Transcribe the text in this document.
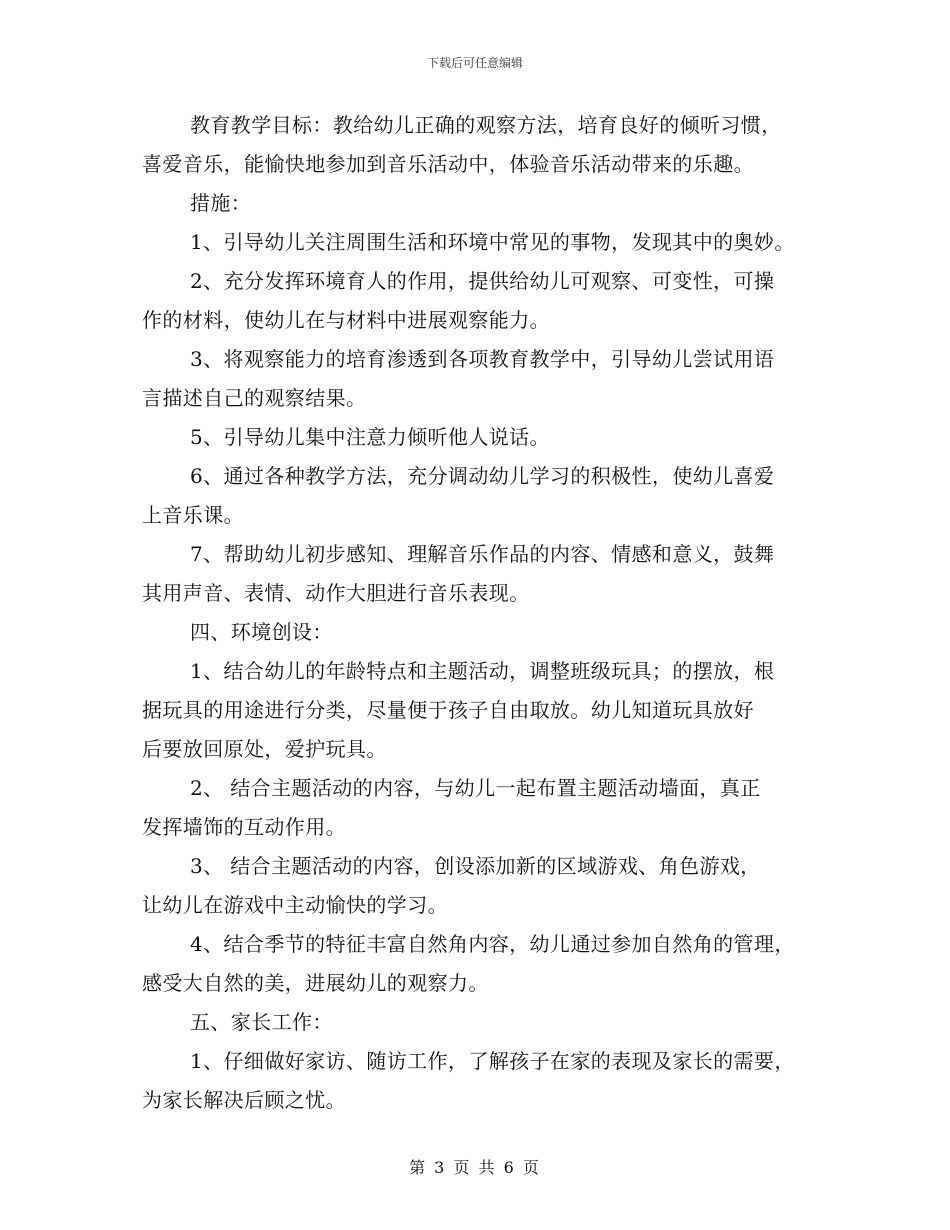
下载后可任意编辑

教育教学目标：教给幼儿正确的观察方法，培育良好的倾听习惯，
喜爱音乐，能愉快地参加到音乐活动中，体验音乐活动带来的乐趣。

措施：

1、引导幼儿关注周围生活和环境中常见的事物，发现其中的奥妙。

2、充分发挥环境育人的作用，提供给幼儿可观察、可变性，可操
作的材料，使幼儿在与材料中进展观察能力。

3、将观察能力的培育渗透到各项教育教学中，引导幼儿尝试用语
言描述自己的观察结果。

5、引导幼儿集中注意力倾听他人说话。

6、通过各种教学方法，充分调动幼儿学习的积极性，使幼儿喜爱
上音乐课。

7、帮助幼儿初步感知、理解音乐作品的内容、情感和意义，鼓舞
其用声音、表情、动作大胆进行音乐表现。

四、环境创设：

1、结合幼儿的年龄特点和主题活动，调整班级玩具；的摆放，根
据玩具的用途进行分类，尽量便于孩子自由取放。幼儿知道玩具放好
后要放回原处，爱护玩具。

2、 结合主题活动的内容，与幼儿一起布置主题活动墙面，真正
发挥墙饰的互动作用。

3、 结合主题活动的内容，创设添加新的区域游戏、角色游戏，
让幼儿在游戏中主动愉快的学习。

4、结合季节的特征丰富自然角内容，幼儿通过参加自然角的管理，
感受大自然的美，进展幼儿的观察力。

五、家长工作：

1、仔细做好家访、随访工作，了解孩子在家的表现及家长的需要，
为家长解决后顾之忧。

第 3 页 共 6 页
